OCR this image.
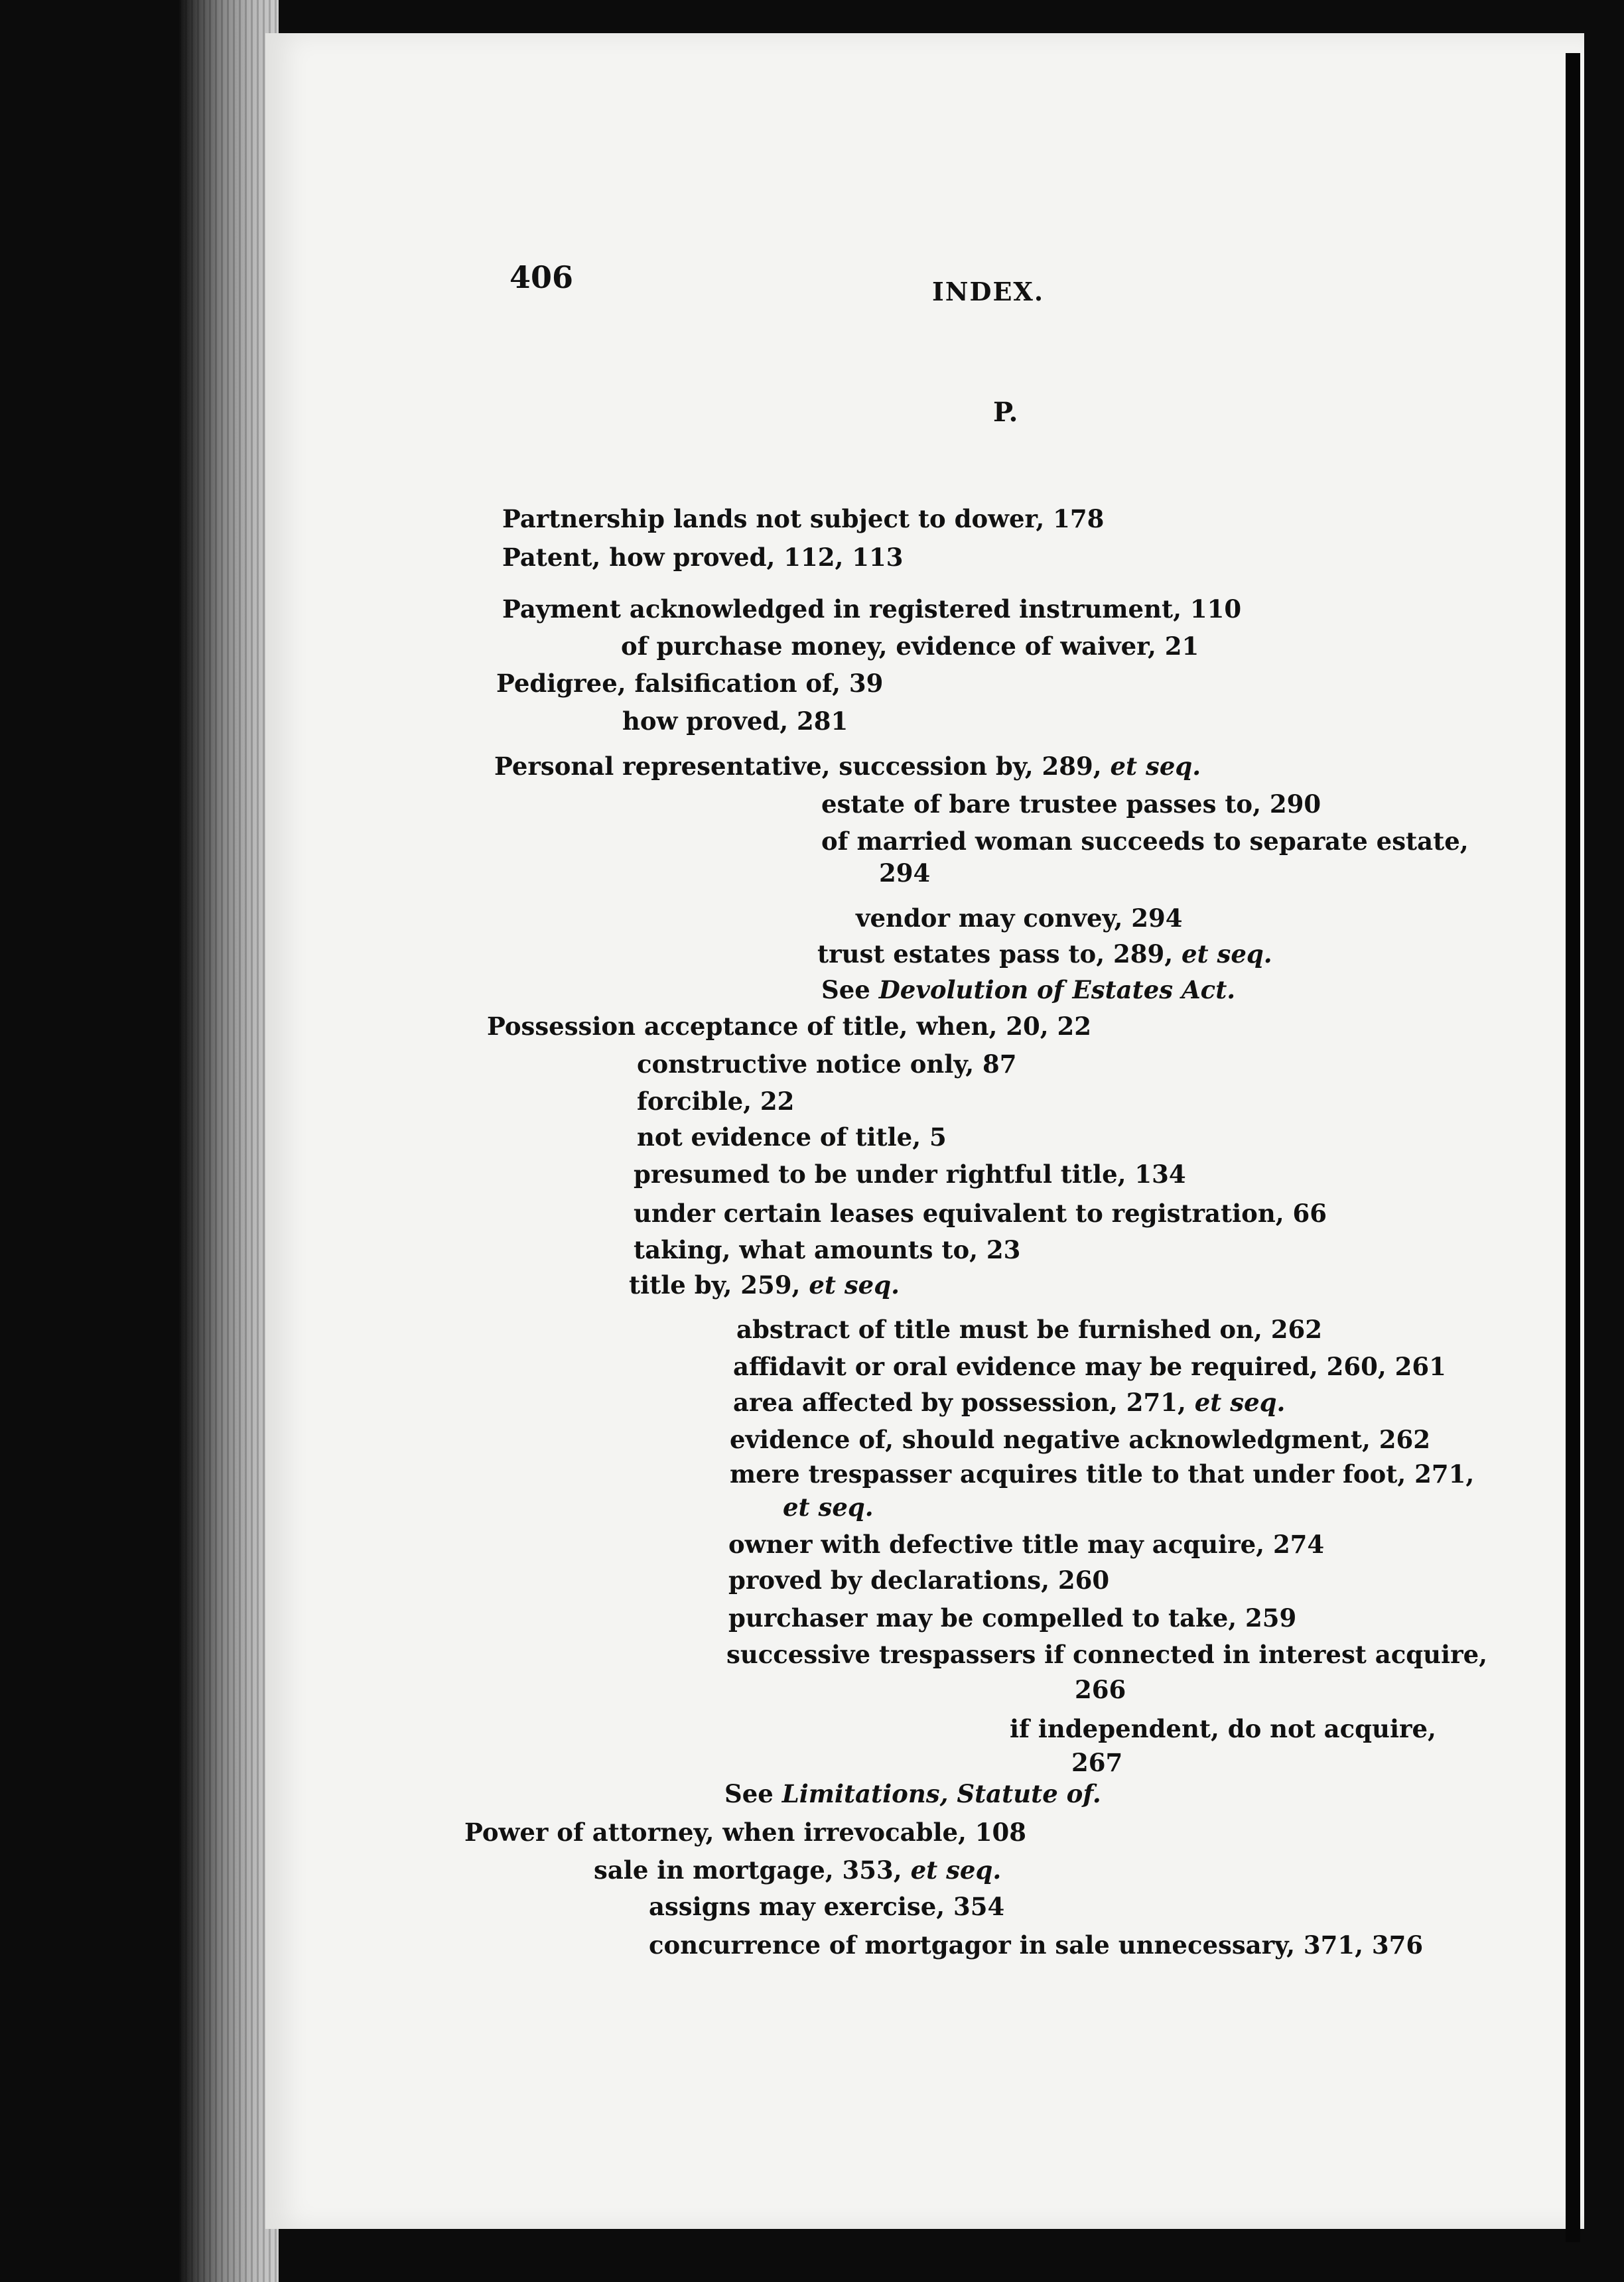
406	INDEX.
P.
Partnership lands not subject to dower, 178
Patent, how proved, 112, 113
Payment acknowledged in registered instrument, 110
of purchase money, evidence of waiver, 21
Pedigree, falsification of, 39
how proved, 281
Personal representative, succession by, 289, et seq.
estate of bare trustee passes to, 290
of married woman succeeds to separate estate,
294
vendor may convey, 294
trust estates pass to, 289, et seq.
See Devolution of Estates Act.
Possession acceptance of title, when, 20, 22
constructive notice only, 87
forcible, 22
not evidence of title, 5
presumed to be under rightful title, 134
under certain leases equivalent to registration, 66
taking, what amounts to, 23
title by, 259, et seq.
abstract of title must be furnished on, 262
affidavit or oral evidence may be required, 260, 261
area affected by possession, 271, et seq.
evidence of, should negative acknowledgment, 262
mere trespasser acquires title to that under foot, 271,
et seq.
owner with defective title may acquire, 274
proved by declarations, 260
purchaser may be compelled to take, 259
successive trespassers if connected in interest acquire,
266
if independent, do not acquire,
267
See Limitations, Statute of.
Power of attorney, when irrevocable, 108
sale in mortgage, 353, et seq.
assigns may exercise, 354
concurrence of mortgagor in sale unnecessary, 371, 376
